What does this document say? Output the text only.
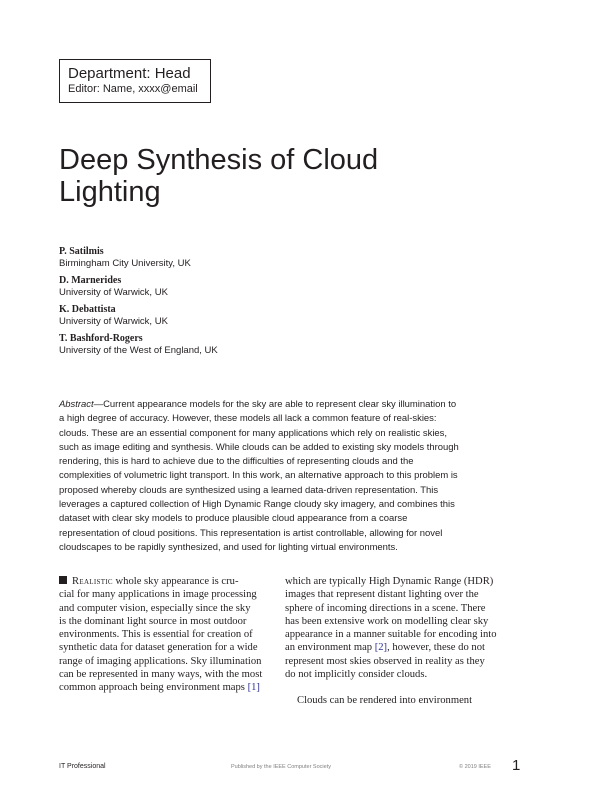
Department: Head
Editor: Name, xxxx@email
Deep Synthesis of Cloud
Lighting
P. Satilmis
Birmingham City University, UK
D. Marnerides
University of Warwick, UK
K. Debattista
University of Warwick, UK
T. Bashford-Rogers
University of the West of England, UK

Abstract—Current appearance models for the sky are able to represent clear sky illumination to
a high degree of accuracy. However, these models all lack a common feature of real-skies:
clouds. These are an essential component for many applications which rely on realistic skies,
such as image editing and synthesis. While clouds can be added to existing sky models through
rendering, this is hard to achieve due to the difficulties of representing clouds and the
complexities of volumetric light transport. In this work, an alternative approach to this problem is
proposed whereby clouds are synthesized using a learned data-driven representation. This
leverages a captured collection of High Dynamic Range cloudy sky imagery, and combines this
dataset with clear sky models to produce plausible cloud appearance from a coarse
representation of cloud positions. This representation is artist controllable, allowing for novel
cloudscapes to be rapidly synthesized, and used for lighting virtual environments.

Realistic whole sky appearance is cru-
cial for many applications in image processing
and computer vision, especially since the sky
is the dominant light source in most outdoor
environments. This is essential for creation of
synthetic data for dataset generation for a wide
range of imaging applications. Sky illumination
can be represented in many ways, with the most
common approach being environment maps [1]
which are typically High Dynamic Range (HDR)
images that represent distant lighting over the
sphere of incoming directions in a scene. There
has been extensive work on modelling clear sky
appearance in a manner suitable for encoding into
an environment map [2], however, these do not
represent most skies observed in reality as they
do not implicitly consider clouds.
Clouds can be rendered into environment
IT Professional	Published by the IEEE Computer Society	© 2019 IEEE 1
